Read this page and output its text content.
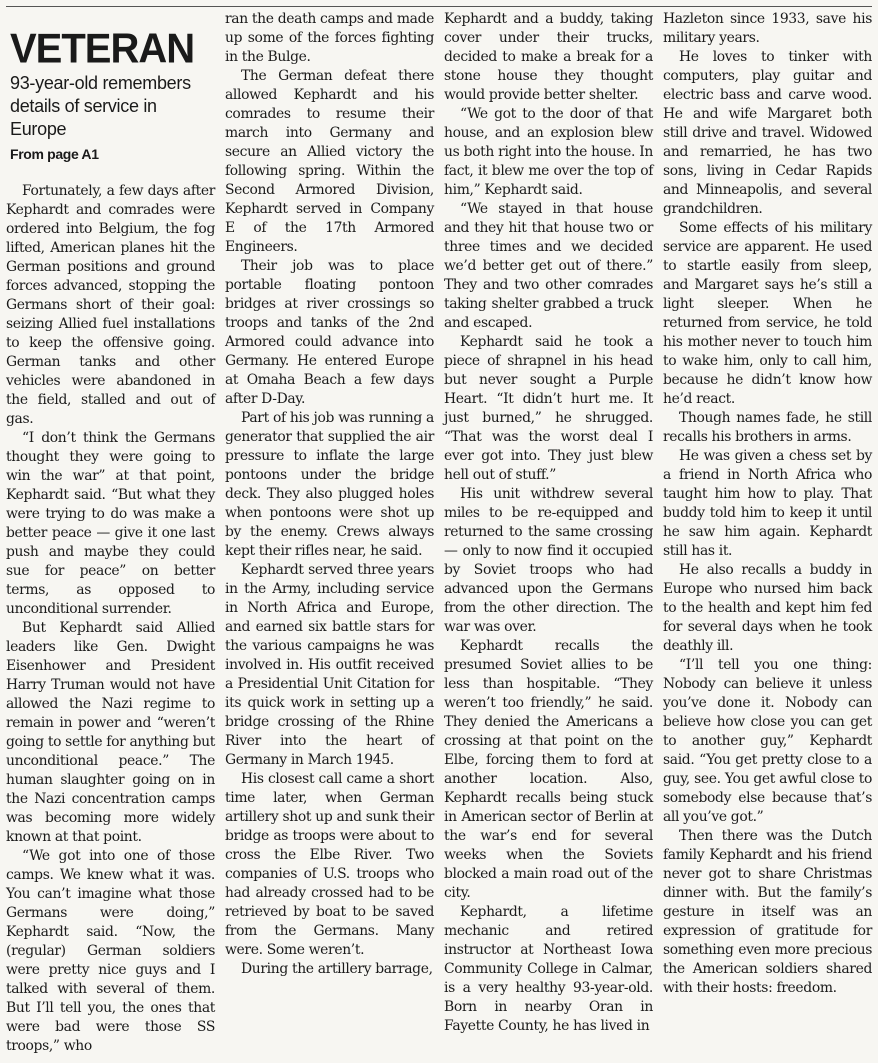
VETERAN
93-year-old remembers details of service in Europe
From page A1

Fortunately, a few days after Kephardt and comrades were ordered into Belgium, the fog lifted, American planes hit the German positions and ground forces advanced, stopping the Germans short of their goal: seizing Allied fuel installations to keep the offensive going. German tanks and other vehicles were abandoned in the field, stalled and out of gas.

“I don’t think the Germans thought they were going to win the war” at that point, Kephardt said. “But what they were trying to do was make a better peace — give it one last push and maybe they could sue for peace” on better terms, as opposed to unconditional surrender.

But Kephardt said Allied leaders like Gen. Dwight Eisenhower and President Harry Truman would not have allowed the Nazi regime to remain in power and “weren’t going to settle for anything but unconditional peace.” The human slaughter going on in the Nazi concentration camps was becoming more widely known at that point.

“We got into one of those camps. We knew what it was. You can’t imagine what those Germans were doing,” Kephardt said. “Now, the (regular) German soldiers were pretty nice guys and I talked with several of them. But I’ll tell you, the ones that were bad were those SS troops,” who

ran the death camps and made up some of the forces fighting in the Bulge.

The German defeat there allowed Kephardt and his comrades to resume their march into Germany and secure an Allied victory the following spring. Within the Second Armored Division, Kephardt served in Company E of the 17th Armored Engineers.

Their job was to place portable floating pontoon bridges at river crossings so troops and tanks of the 2nd Armored could advance into Germany. He entered Europe at Omaha Beach a few days after D-Day.

Part of his job was running a generator that supplied the air pressure to inflate the large pontoons under the bridge deck. They also plugged holes when pontoons were shot up by the enemy. Crews always kept their rifles near, he said.

Kephardt served three years in the Army, including service in North Africa and Europe, and earned six battle stars for the various campaigns he was involved in. His outfit received a Presidential Unit Citation for its quick work in setting up a bridge crossing of the Rhine River into the heart of Germany in March 1945.

His closest call came a short time later, when German artillery shot up and sunk their bridge as troops were about to cross the Elbe River. Two companies of U.S. troops who had already crossed had to be retrieved by boat to be saved from the Germans. Many were. Some weren’t.

During the artillery barrage,

Kephardt and a buddy, taking cover under their trucks, decided to make a break for a stone house they thought would provide better shelter.

“We got to the door of that house, and an explosion blew us both right into the house. In fact, it blew me over the top of him,” Kephardt said.

“We stayed in that house and they hit that house two or three times and we decided we’d better get out of there.” They and two other comrades taking shelter grabbed a truck and escaped.

Kephardt said he took a piece of shrapnel in his head but never sought a Purple Heart. “It didn’t hurt me. It just burned,” he shrugged. “That was the worst deal I ever got into. They just blew hell out of stuff.”

His unit withdrew several miles to be re-equipped and returned to the same crossing — only to now find it occupied by Soviet troops who had advanced upon the Germans from the other direction. The war was over.

Kephardt recalls the presumed Soviet allies to be less than hospitable. “They weren’t too friendly,” he said. They denied the Americans a crossing at that point on the Elbe, forcing them to ford at another location. Also, Kephardt recalls being stuck in American sector of Berlin at the war’s end for several weeks when the Soviets blocked a main road out of the city.

Kephardt, a lifetime mechanic and retired instructor at Northeast Iowa Community College in Calmar, is a very healthy 93-year-old. Born in nearby Oran in Fayette County, he has lived in

Hazleton since 1933, save his military years.

He loves to tinker with computers, play guitar and electric bass and carve wood. He and wife Margaret both still drive and travel. Widowed and remarried, he has two sons, living in Cedar Rapids and Minneapolis, and several grandchildren.

Some effects of his military service are apparent. He used to startle easily from sleep, and Margaret says he’s still a light sleeper. When he returned from service, he told his mother never to touch him to wake him, only to call him, because he didn’t know how he’d react.

Though names fade, he still recalls his brothers in arms.

He was given a chess set by a friend in North Africa who taught him how to play. That buddy told him to keep it until he saw him again. Kephardt still has it.

He also recalls a buddy in Europe who nursed him back to the health and kept him fed for several days when he took deathly ill.

“I’ll tell you one thing: Nobody can believe it unless you’ve done it. Nobody can believe how close you can get to another guy,” Kephardt said. “You get pretty close to a guy, see. You get awful close to somebody else because that’s all you’ve got.”

Then there was the Dutch family Kephardt and his friend never got to share Christmas dinner with. But the family’s gesture in itself was an expression of gratitude for something even more precious the American soldiers shared with their hosts: freedom.
